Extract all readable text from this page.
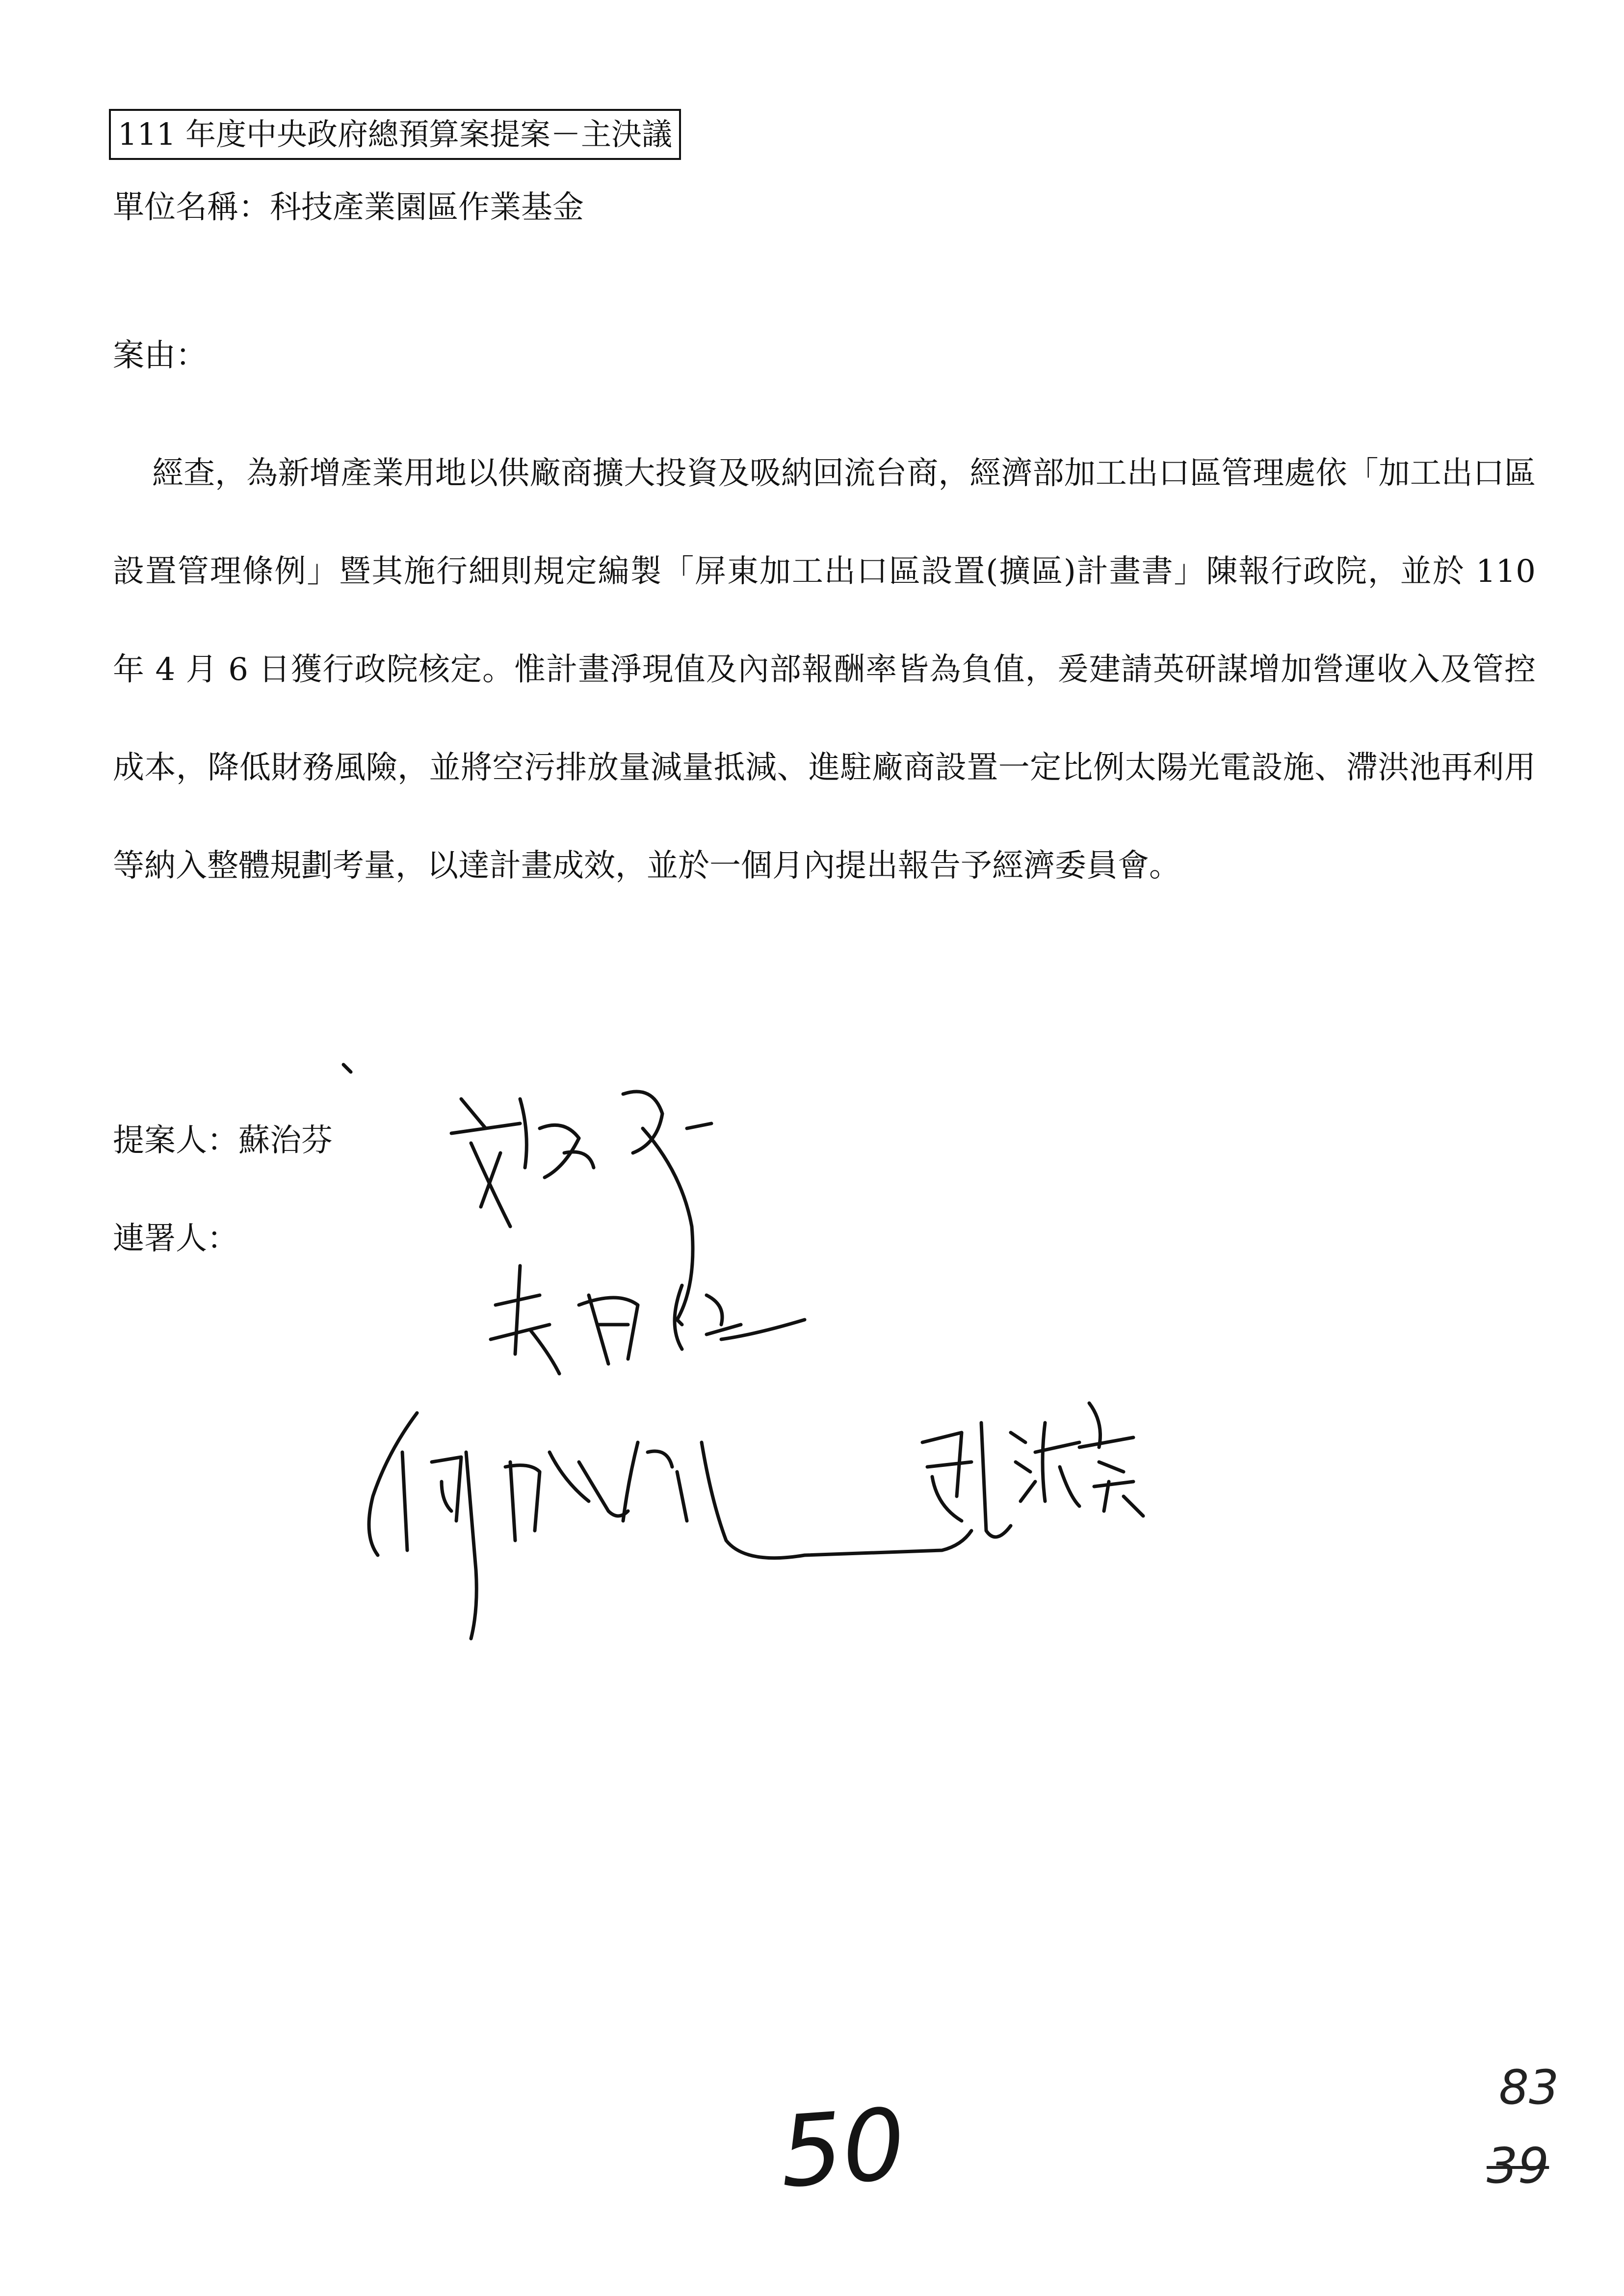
111 年度中央政府總預算案提案－主決議
單位名稱：科技產業園區作業基金
案由：
經查，為新增產業用地以供廠商擴大投資及吸納回流台商，經濟部加工出口區管理處依「加工出口區設置管理條例」暨其施行細則規定編製「屏東加工出口區設置(擴區)計畫書」陳報行政院，並於 110 年 4 月 6 日獲行政院核定。惟計畫淨現值及內部報酬率皆為負值，爰建請英研謀增加營運收入及管控成本，降低財務風險，並將空污排放量減量抵減、進駐廠商設置一定比例太陽光電設施、滯洪池再利用等納入整體規劃考量，以達計畫成效，並於一個月內提出報告予經濟委員會。
提案人：蘇治芬
連署人：
50	83
39
